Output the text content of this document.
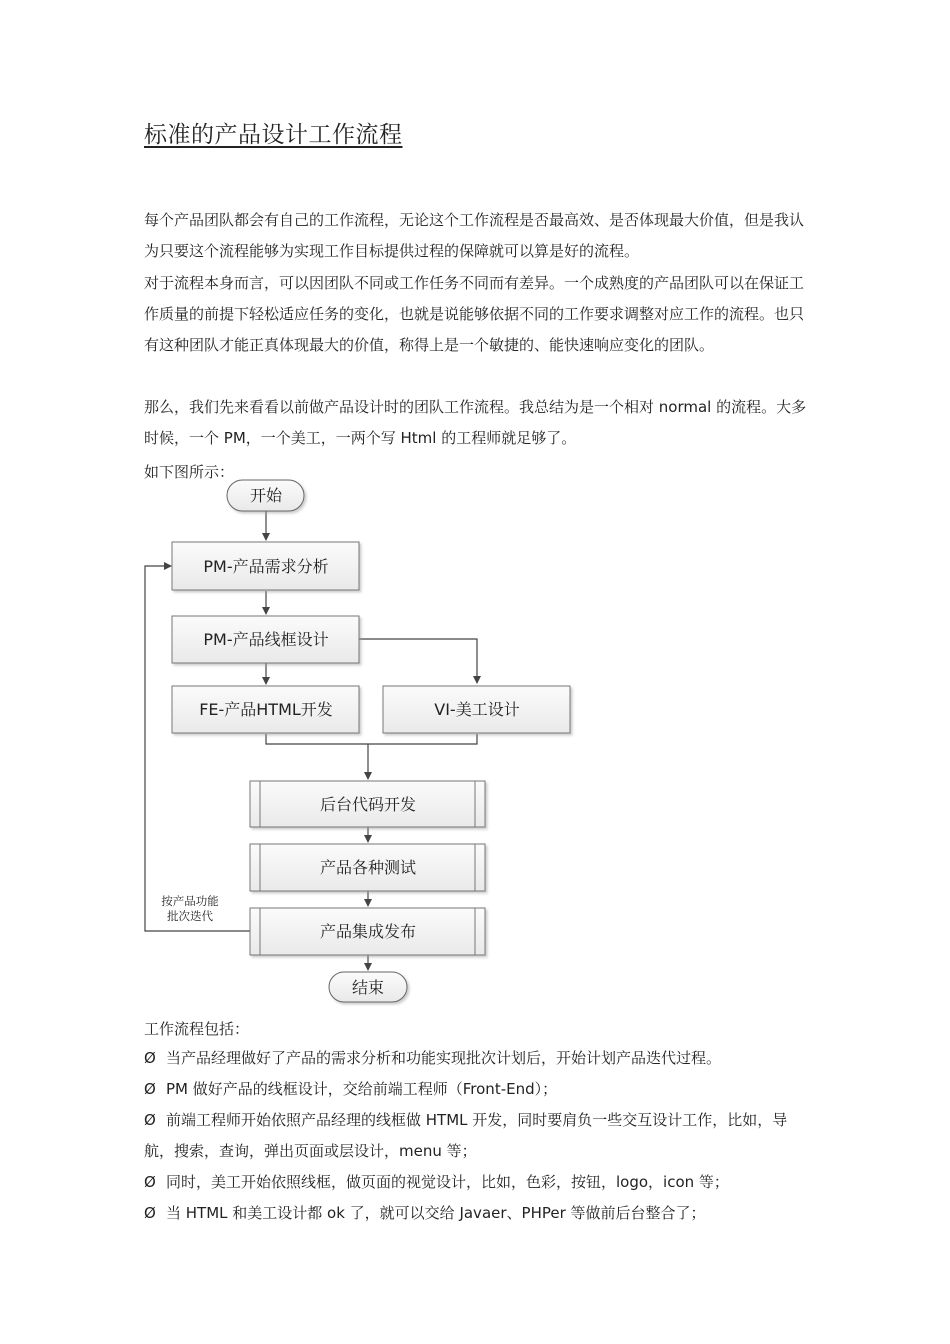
标准的产品设计工作流程

每个产品团队都会有自己的工作流程，无论这个工作流程是否最高效、是否体现最大价值，但是我认为只要这个流程能够为实现工作目标提供过程的保障就可以算是好的流程。

对于流程本身而言，可以因团队不同或工作任务不同而有差异。一个成熟度的产品团队可以在保证工作质量的前提下轻松适应任务的变化，也就是说能够依据不同的工作要求调整对应工作的流程。也只有这种团队才能正真体现最大的价值，称得上是一个敏捷的、能快速响应变化的团队。

那么，我们先来看看以前做产品设计时的团队工作流程。我总结为是一个相对 normal 的流程。大多时候，一个 PM，一个美工，一两个写 Html 的工程师就足够了。

如下图所示：
开始
PM-产品需求分析
PM-产品线框设计
FE-产品HTML开发	VI-美工设计
后台代码开发
产品各种测试
产品集成发布
结束
按产品功能
批次迭代
工作流程包括：
Ø 当产品经理做好了产品的需求分析和功能实现批次计划后，开始计划产品迭代过程。
Ø PM 做好产品的线框设计，交给前端工程师（Front-End）；
Ø 前端工程师开始依照产品经理的线框做 HTML 开发，同时要肩负一些交互设计工作，比如，导航，搜索，查询，弹出页面或层设计，menu 等；
Ø 同时，美工开始依照线框，做页面的视觉设计，比如，色彩，按钮，logo，icon 等；
Ø 当 HTML 和美工设计都 ok 了，就可以交给 Javaer、PHPer 等做前后台整合了；
